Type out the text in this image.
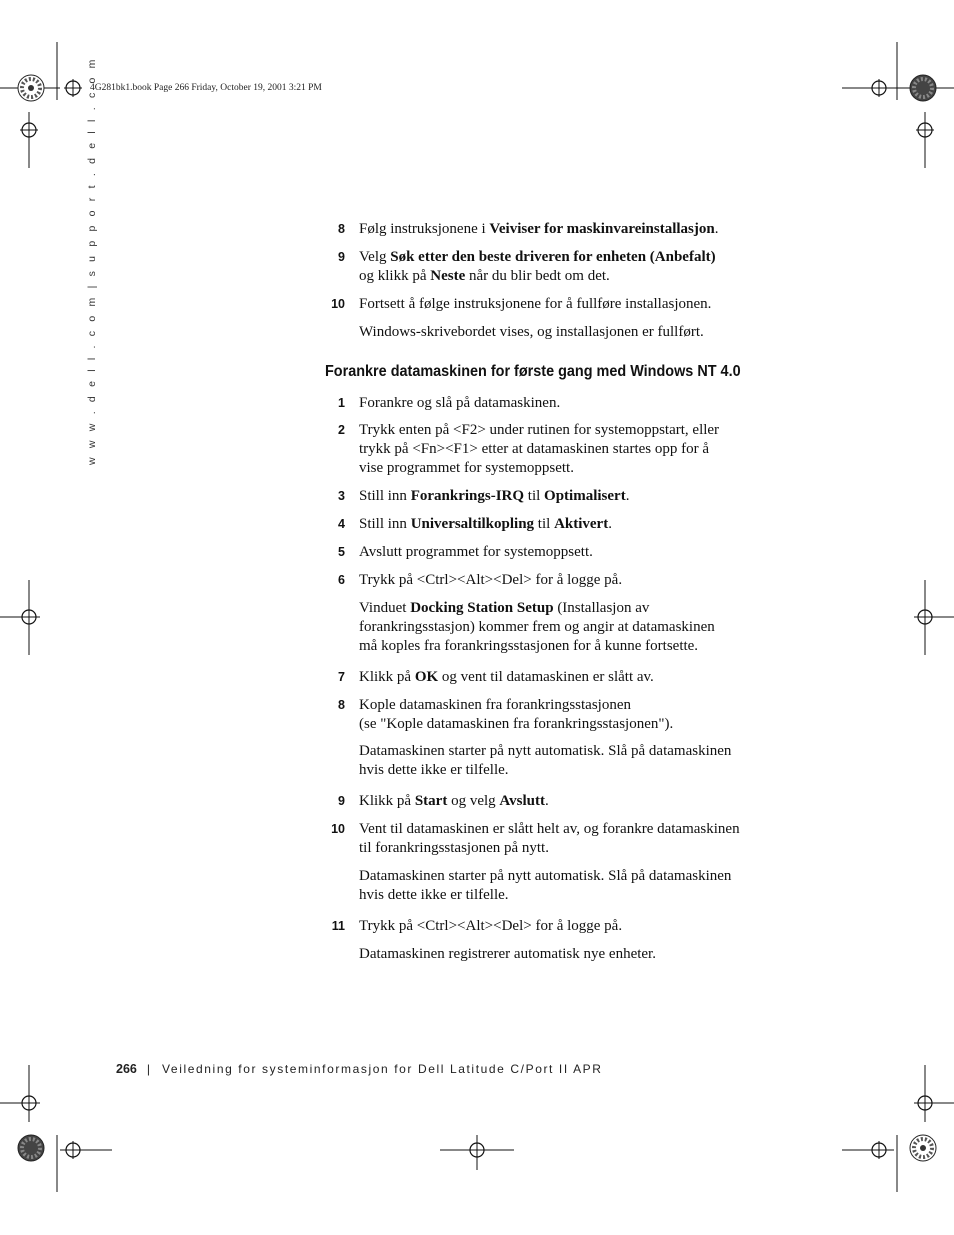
4G281bk1.book Page 266 Friday, October 19, 2001 3:21 PM
w w w . d e l l . c o m | s u p p o r t . d e l l . c o m	8 Følg instruksjonene i Veiviser for maskinvareinstallasjon.
9 Velg Søk etter den beste driveren for enheten (Anbefalt)
og klikk på Neste når du blir bedt om det.
10 Fortsett å følge instruksjonene for å fullføre installasjonen.
Windows-skrivebordet vises, og installasjonen er fullført.
Forankre datamaskinen for første gang med Windows NT 4.0
1 Forankre og slå på datamaskinen.
2 Trykk enten på <F2> under rutinen for systemoppstart, eller
trykk på <Fn><F1> etter at datamaskinen startes opp for å
vise programmet for systemoppsett.
3 Still inn Forankrings-IRQ til Optimalisert.
4 Still inn Universaltilkopling til Aktivert.
5 Avslutt programmet for systemoppsett.
6 Trykk på <Ctrl><Alt><Del> for å logge på.
Vinduet Docking Station Setup (Installasjon av
forankringsstasjon) kommer frem og angir at datamaskinen
må koples fra forankringsstasjonen for å kunne fortsette.
7 Klikk på OK og vent til datamaskinen er slått av.
8 Kople datamaskinen fra forankringsstasjonen
(se "Kople datamaskinen fra forankringsstasjonen").
Datamaskinen starter på nytt automatisk. Slå på datamaskinen
hvis dette ikke er tilfelle.
9 Klikk på Start og velg Avslutt.
10 Vent til datamaskinen er slått helt av, og forankre datamaskinen
til forankringsstasjonen på nytt.
Datamaskinen starter på nytt automatisk. Slå på datamaskinen
hvis dette ikke er tilfelle.
11 Trykk på <Ctrl><Alt><Del> for å logge på.
Datamaskinen registrerer automatisk nye enheter.
266 | Veiledning for systeminformasjon for Dell Latitude C/Port II APR
